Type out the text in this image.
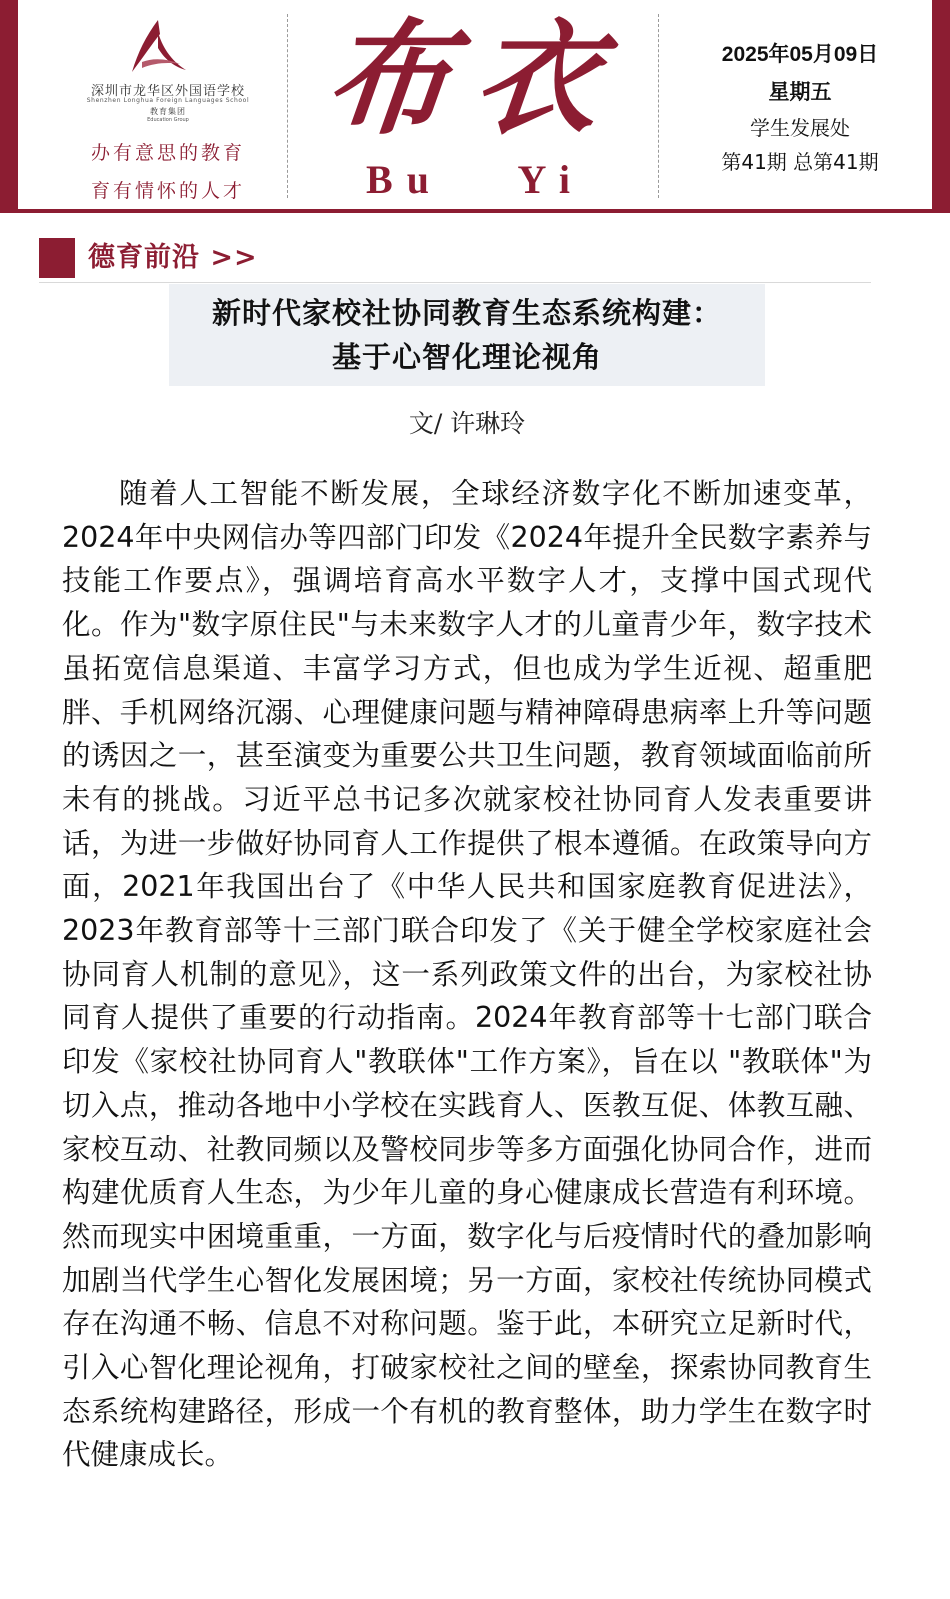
深圳市龙华区外国语学校
Shenzhen Longhua Foreign Languages School
教育集团
Education Group
办有意思的教育
育有情怀的人才
布衣
Bu Yi
2025年05月09日
星期五
学生发展处
第41期 总第41期
德育前沿 >>
新时代家校社协同教育生态系统构建：
基于心智化理论视角
文/ 许琳玲

随着人工智能不断发展，全球经济数字化不断加速变革，2024年中央网信办等四部门印发《2024年提升全民数字素养与技能工作要点》，强调培育高水平数字人才，支撑中国式现代化。作为"数字原住民"与未来数字人才的儿童青少年，数字技术虽拓宽信息渠道、丰富学习方式，但也成为学生近视、超重肥胖、手机网络沉溺、心理健康问题与精神障碍患病率上升等问题的诱因之一，甚至演变为重要公共卫生问题，教育领域面临前所未有的挑战。习近平总书记多次就家校社协同育人发表重要讲话，为进一步做好协同育人工作提供了根本遵循。在政策导向方面，2021年我国出台了《中华人民共和国家庭教育促进法》，2023年教育部等十三部门联合印发了《关于健全学校家庭社会协同育人机制的意见》，这一系列政策文件的出台，为家校社协同育人提供了重要的行动指南。2024年教育部等十七部门联合印发《家校社协同育人"教联体"工作方案》，旨在以 "教联体"为切入点，推动各地中小学校在实践育人、医教互促、体教互融、家校互动、社教同频以及警校同步等多方面强化协同合作，进而构建优质育人生态，为少年儿童的身心健康成长营造有利环境。然而现实中困境重重，一方面，数字化与后疫情时代的叠加影响加剧当代学生心智化发展困境；另一方面，家校社传统协同模式存在沟通不畅、信息不对称问题。鉴于此，本研究立足新时代，引入心智化理论视角，打破家校社之间的壁垒，探索协同教育生态系统构建路径，形成一个有机的教育整体，助力学生在数字时代健康成长。
